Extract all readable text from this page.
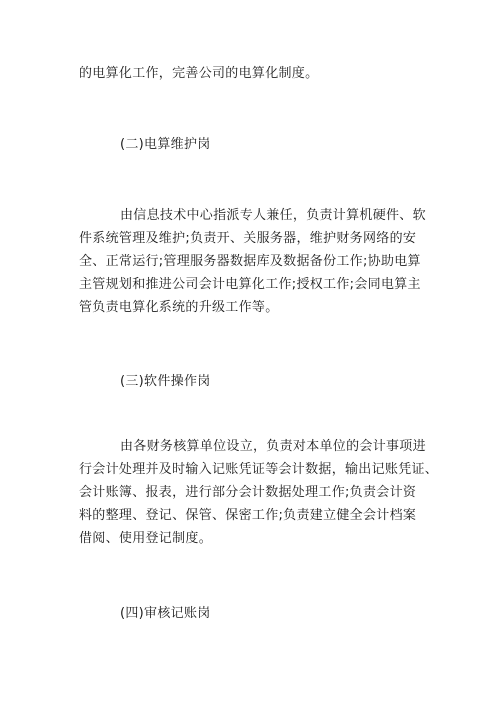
的电算化工作，完善公司的电算化制度。
(二)电算维护岗
由信息技术中心指派专人兼任，负责计算机硬件、软
件系统管理及维护;负责开、关服务器，维护财务网络的安
全、正常运行;管理服务器数据库及数据备份工作;协助电算
主管规划和推进公司会计电算化工作;授权工作;会同电算主
管负责电算化系统的升级工作等。
(三)软件操作岗
由各财务核算单位设立，负责对本单位的会计事项进
行会计处理并及时输入记账凭证等会计数据，输出记账凭证、
会计账簿、报表，进行部分会计数据处理工作;负责会计资
料的整理、登记、保管、保密工作;负责建立健全会计档案
借阅、使用登记制度。
(四)审核记账岗
